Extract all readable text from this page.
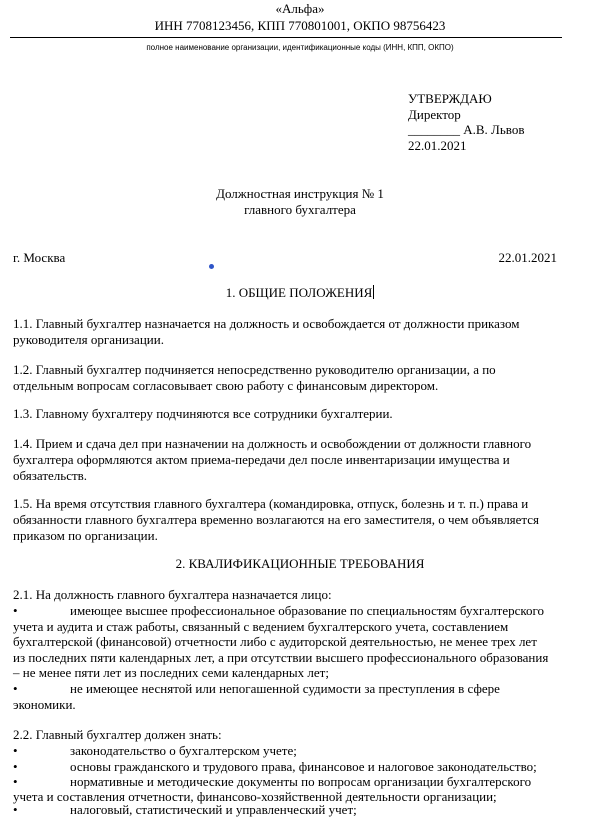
«Альфа»
ИНН 7708123456, КПП 770801001, ОКПО 98756423
полное наименование организации, идентификационные коды (ИНН, КПП, ОКПО)
УТВЕРЖДАЮ
Директор
________ А.В. Львов
22.01.2021
Должностная инструкция № 1
главного бухгалтера
г. Москва	22.01.2021
1. ОБЩИЕ ПОЛОЖЕНИЯ
1.1. Главный бухгалтер назначается на должность и освобождается от должности приказом руководителя организации.
1.2. Главный бухгалтер подчиняется непосредственно руководителю организации, а по отдельным вопросам согласовывает свою работу с финансовым директором.
1.3. Главному бухгалтеру подчиняются все сотрудники бухгалтерии.
1.4. Прием и сдача дел при назначении на должность и освобождении от должности главного бухгалтера оформляются актом приема-передачи дел после инвентаризации имущества и обязательств.
1.5. На время отсутствия главного бухгалтера (командировка, отпуск, болезнь и т. п.) права и обязанности главного бухгалтера временно возлагаются на его заместителя, о чем объявляется приказом по организации.
2. КВАЛИФИКАЦИОННЫЕ ТРЕБОВАНИЯ
2.1. На должность главного бухгалтера назначается лицо:
•	имеющее высшее профессиональное образование по специальностям бухгалтерского
учета и аудита и стаж работы, связанный с ведением бухгалтерского учета, составлением
бухгалтерской (финансовой) отчетности либо с аудиторской деятельностью, не менее трех лет
из последних пяти календарных лет, а при отсутствии высшего профессионального образования
– не менее пяти лет из последних семи календарных лет;
•	не имеющее неснятой или непогашенной судимости за преступления в сфере
экономики.
2.2. Главный бухгалтер должен знать:
•	законодательство о бухгалтерском учете;
•	основы гражданского и трудового права, финансовое и налоговое законодательство;
•	нормативные и методические документы по вопросам организации бухгалтерского
учета и составления отчетности, финансово-хозяйственной деятельности организации;
•	налоговый, статистический и управленческий учет;
